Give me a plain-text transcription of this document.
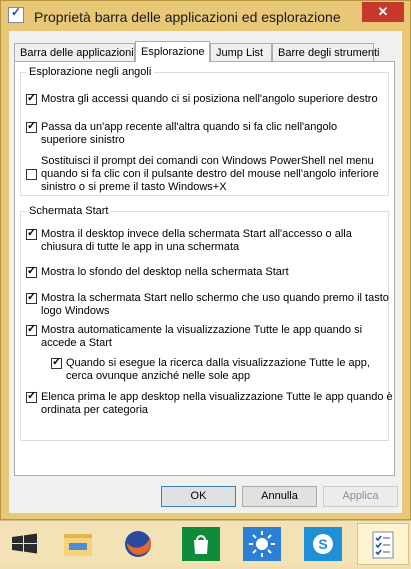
✓ Proprietà barra delle applicazioni ed esplorazione	✕
Barra delle applicazioni Esplorazione	Jump List	Barre degli strumenti
Esplorazione negli angoli
✓ Mostra gli accessi quando ci si posiziona nell'angolo superiore destro
✓ Passa da un'app recente all'altra quando si fa clic nell'angolo
superiore sinistro
Sostituisci il prompt dei comandi con Windows PowerShell nel menu
quando si fa clic con il pulsante destro del mouse nell'angolo inferiore
sinistro o si preme il tasto Windows+X
Schermata Start
✓ Mostra il desktop invece della schermata Start all'accesso o alla
chiusura di tutte le app in una schermata
✓ Mostra lo sfondo del desktop nella schermata Start
✓ Mostra la schermata Start nello schermo che uso quando premo il tasto
logo Windows
✓ Mostra automaticamente la visualizzazione Tutte le app quando si
accede a Start
✓ Quando si esegue la ricerca dalla visualizzazione Tutte le app,
cerca ovunque anziché nelle sole app
✓ Elenca prima le app desktop nella visualizzazione Tutte le app quando è
ordinata per categoria
OK	Annulla	Applica
S
